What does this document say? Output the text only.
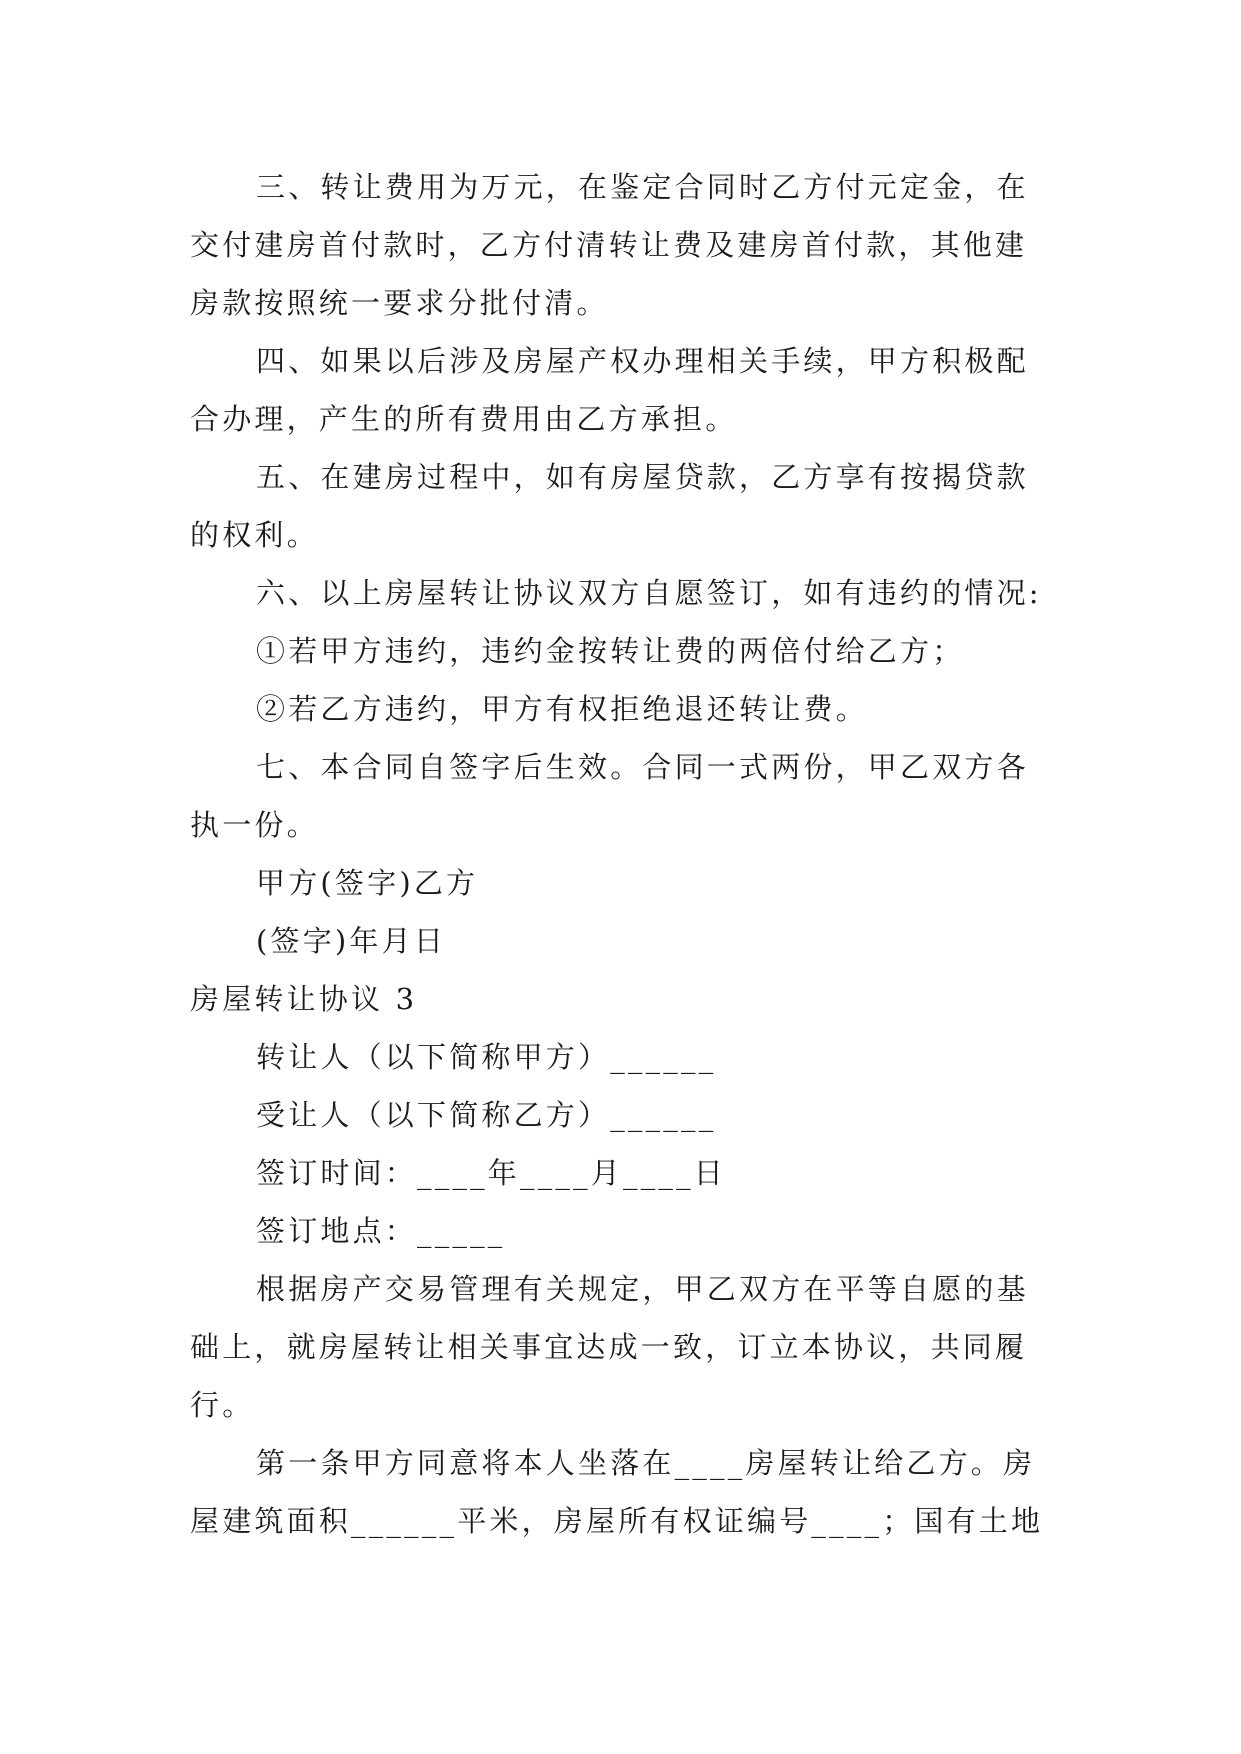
三、转让费用为万元，在鉴定合同时乙方付元定金，在
交付建房首付款时，乙方付清转让费及建房首付款，其他建
房款按照统一要求分批付清。
四、如果以后涉及房屋产权办理相关手续，甲方积极配
合办理，产生的所有费用由乙方承担。
五、在建房过程中，如有房屋贷款，乙方享有按揭贷款
的权利。
六、以上房屋转让协议双方自愿签订，如有违约的情况:
①若甲方违约，违约金按转让费的两倍付给乙方；
②若乙方违约，甲方有权拒绝退还转让费。
七、本合同自签字后生效。合同一式两份，甲乙双方各
执一份。
甲方(签字)乙方
(签字)年月日
房屋转让协议 3
转让人（以下简称甲方）______
受让人（以下简称乙方）______
签订时间：____年____月____日
签订地点：_____
根据房产交易管理有关规定，甲乙双方在平等自愿的基
础上，就房屋转让相关事宜达成一致，订立本协议，共同履
行。
第一条甲方同意将本人坐落在____房屋转让给乙方。房
屋建筑面积______平米，房屋所有权证编号____；国有土地
